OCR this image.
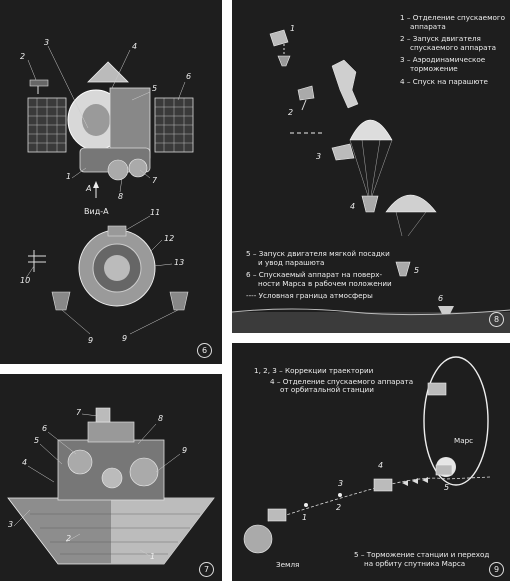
1
2
3	4
5
6
7
8
А
Вид-А
9
10
11
12
13
9
6
1 – Отделение спускаемого
аппарата
2 – Запуск двигателя
спускаемого аппарата
3 – Аэродинамическое
торможение
4 – Спуск на парашюте
5 – Запуск двигателя мягкой посадки
и увод парашюта
6 – Спускаемый аппарат на поверх-
ности Марса в рабочем положении
---- Условная граница атмосферы
1
2
3
4
5
6
8
1
2
3
4
5
6
7
8
9
7
1, 2, 3 – Коррекции траектории
4 – Отделение спускаемого аппарата
от орбитальной станции
Марс
Земля
5 – Торможение станции и переход
на орбиту спутника Марса
1
2
3
4
5
9
